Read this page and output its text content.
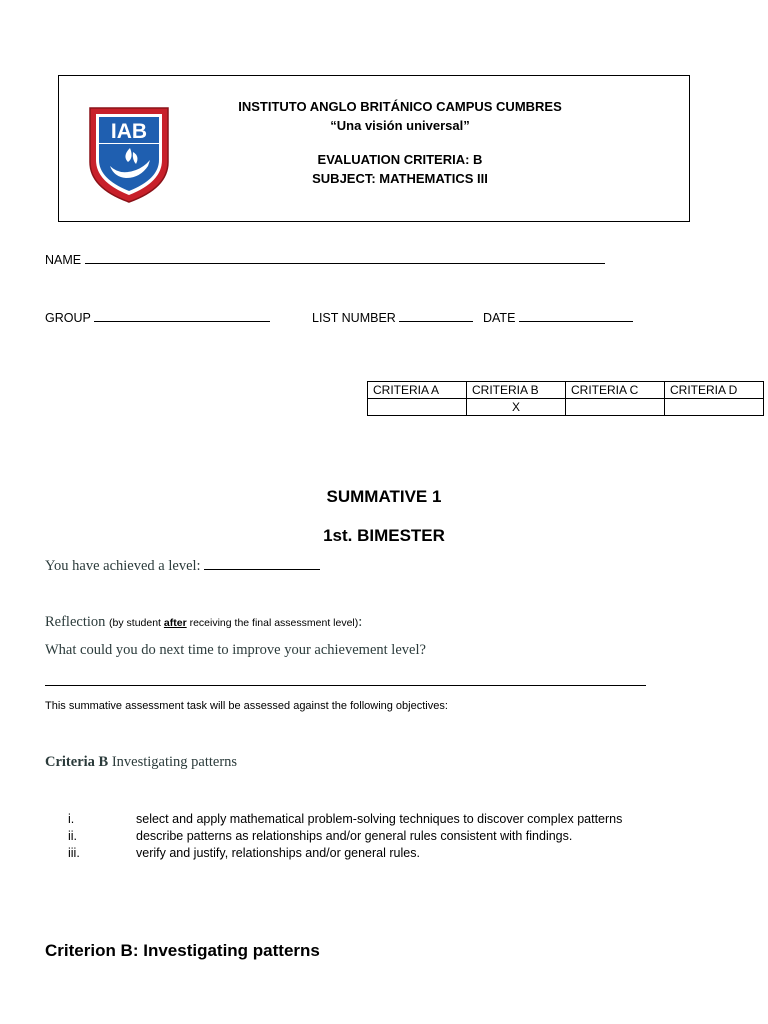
IAB
INSTITUTO ANGLO BRITÁNICO CAMPUS CUMBRES
“Una visión universal”
EVALUATION CRITERIA: B
SUBJECT: MATHEMATICS III
NAME
GROUP	LIST NUMBER	DATE
CRITERIA A	CRITERIA B	CRITERIA C	CRITERIA D
	X		
SUMMATIVE 1
1st. BIMESTER
You have achieved a level:
Reflection (by student after receiving the final assessment level):
What could you do next time to improve your achievement level?
This summative assessment task will be assessed against the following objectives:
Criteria B Investigating patterns
i.	select and apply mathematical problem-solving techniques to discover complex patterns
ii.	describe patterns as relationships and/or general rules consistent with findings.
iii.	verify and justify, relationships and/or general rules.
Criterion B: Investigating patterns
